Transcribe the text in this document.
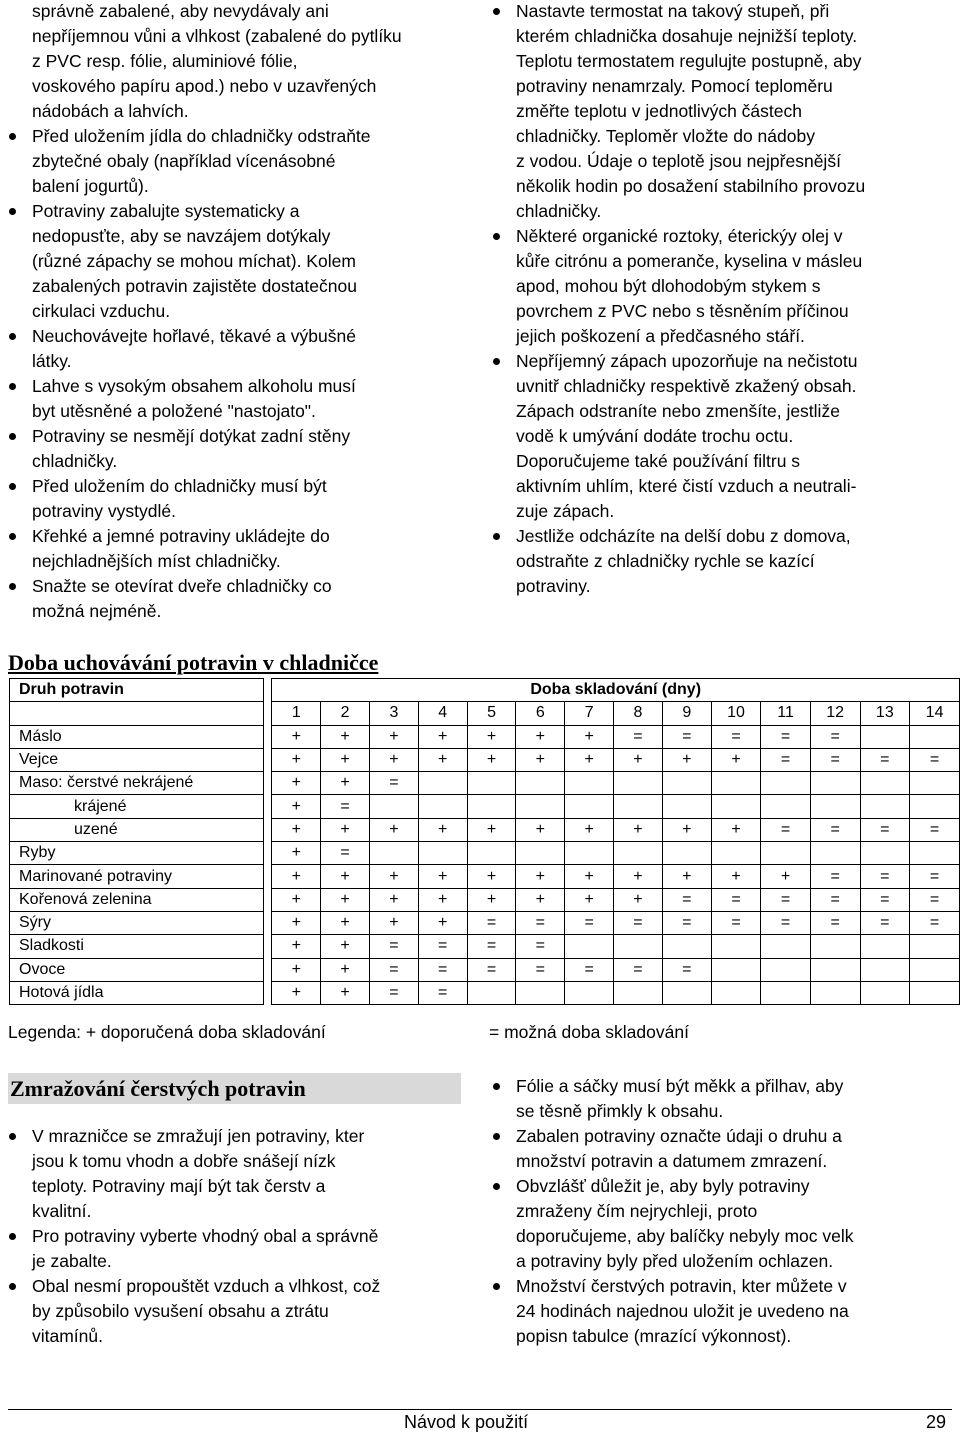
správně zabalené, aby nevydávaly ani
nepříjemnou vůni a vlhkost (zabalené do pytlíku
z PVC resp. fólie, aluminiové fólie,
voskového papíru apod.) nebo v uzavřených
nádobách a lahvích.
Před uložením jídla do chladničky odstraňte
zbytečné obaly (například vícenásobné
balení jogurtů).
Potraviny zabalujte systematicky a
nedopusťte, aby se navzájem dotýkaly
(různé zápachy se mohou míchat). Kolem
zabalených potravin zajistěte dostatečnou
cirkulaci vzduchu.
Neuchovávejte hořlavé, těkavé a výbušné
látky.
Lahve s vysokým obsahem alkoholu musí
byt utěsněné a položené "nastojato".
Potraviny se nesmějí dotýkat zadní stěny
chladničky.
Před uložením do chladničky musí být
potraviny vystydlé.
Křehké a jemné potraviny ukládejte do
nejchladnějších míst chladničky.
Snažte se otevírat dveře chladničky co
možná nejméně.
Nastavte termostat na takový stupeň, při
kterém chladnička dosahuje nejnižší teploty.
Teplotu termostatem regulujte postupně, aby
potraviny nenamrzaly. Pomocí teploměru
změřte teplotu v jednotlivých částech
chladničky. Teploměr vložte do nádoby
z vodou. Údaje o teplotě jsou nejpřesnější
několik hodin po dosažení stabilního provozu
chladničky.
Některé organické roztoky, éterickýy olej v
kůře citrónu a pomeranče, kyselina v másleu
apod, mohou být dlohodobým stykem s
povrchem z PVC nebo s těsněním příčinou
jejich poškození a předčasného stáří.
Nepříjemný zápach upozorňuje na nečistotu
uvnitř chladničky respektivě zkažený obsah.
Zápach odstraníte nebo zmenšíte, jestliže
vodě k umývání dodáte trochu octu.
Doporučujeme také používání filtru s
aktivním uhlím, které čistí vzduch a neutrali-
zuje zápach.
Jestliže odcházíte na delší dobu z domova,
odstraňte z chladničky rychle se kazící
potraviny.
Doba uchovávání potravin v chladničce
Druh potravin		Doba skladování (dny)													
		1	2	3	4	5	6	7	8	9	10	11	12	13	14
Máslo		+	+	+	+	+	+	+	=	=	=	=	=		
Vejce		+	+	+	+	+	+	+	+	+	+	=	=	=	=
Maso: čerstvé nekrájené		+	+	=											
krájené		+	=												
uzené		+	+	+	+	+	+	+	+	+	+	=	=	=	=
Ryby		+	=												
Marinované potraviny		+	+	+	+	+	+	+	+	+	+	+	=	=	=
Kořenová zelenina		+	+	+	+	+	+	+	+	=	=	=	=	=	=
Sýry		+	+	+	+	=	=	=	=	=	=	=	=	=	=
Sladkosti		+	+	=	=	=	=								
Ovoce		+	+	=	=	=	=	=	=	=					
Hotová jídla		+	+	=	=										
Legenda: + doporučená doba skladování	= možná doba skladování
Zmražování čerstvých potravin
V mrazničce se zmražují jen potraviny, kter
jsou k tomu vhodn a dobře snášejí nízk
teploty. Potraviny mají být tak čerstv a
kvalitní.
Pro potraviny vyberte vhodný obal a správně
je zabalte.
Obal nesmí propouštět vzduch a vlhkost, což
by způsobilo vysušení obsahu a ztrátu
vitamínů.
Fólie a sáčky musí být měkk a přilhav, aby
se těsně přimkly k obsahu.
Zabalen potraviny označte údaji o druhu a
množství potravin a datumem zmrazení.
Obvzlášť důležit je, aby byly potraviny
zmraženy čím nejrychleji, proto
doporučujeme, aby balíčky nebyly moc velk
a potraviny byly před uložením ochlazen.
Množství čerstvých potravin, kter můžete v
24 hodinách najednou uložit je uvedeno na
popisn tabulce (mrazící výkonnost).
Návod k použití	29
